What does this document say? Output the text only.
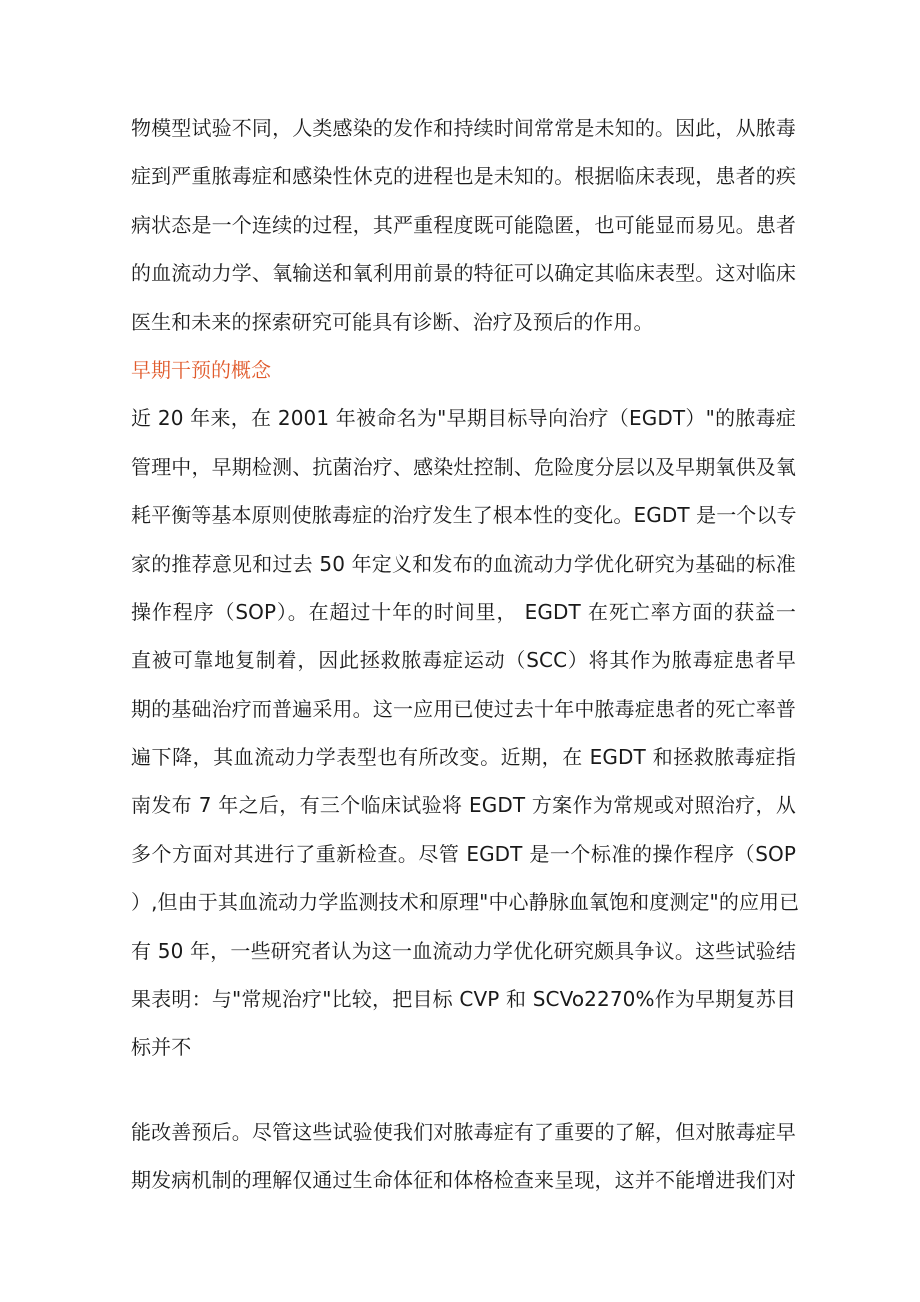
物模型试验不同，人类感染的发作和持续时间常常是未知的。因此，从脓毒
症到严重脓毒症和感染性休克的进程也是未知的。根据临床表现，患者的疾
病状态是一个连续的过程，其严重程度既可能隐匿，也可能显而易见。患者
的血流动力学、氧输送和氧利用前景的特征可以确定其临床表型。这对临床
医生和未来的探索研究可能具有诊断、治疗及预后的作用。
早期干预的概念
近 20 年来，在 2001 年被命名为"早期目标导向治疗（EGDT）"的脓毒症
管理中，早期检测、抗菌治疗、感染灶控制、危险度分层以及早期氧供及氧
耗平衡等基本原则使脓毒症的治疗发生了根本性的变化。EGDT 是一个以专
家的推荐意见和过去 50 年定义和发布的血流动力学优化研究为基础的标准
操作程序（SOP）。在超过十年的时间里， EGDT 在死亡率方面的获益一
直被可靠地复制着，因此拯救脓毒症运动（SCC）将其作为脓毒症患者早
期的基础治疗而普遍采用。这一应用已使过去十年中脓毒症患者的死亡率普
遍下降，其血流动力学表型也有所改变。近期，在 EGDT 和拯救脓毒症指
南发布 7 年之后，有三个临床试验将 EGDT 方案作为常规或对照治疗，从
多个方面对其进行了重新检查。尽管 EGDT 是一个标准的操作程序（SOP
）,但由于其血流动力学监测技术和原理"中心静脉血氧饱和度测定"的应用已
有 50 年，一些研究者认为这一血流动力学优化研究颇具争议。这些试验结
果表明：与"常规治疗"比较，把目标 CVP 和 SCVo2270%作为早期复苏目
标并不
能改善预后。尽管这些试验使我们对脓毒症有了重要的了解，但对脓毒症早
期发病机制的理解仅通过生命体征和体格检查来呈现，这并不能增进我们对
